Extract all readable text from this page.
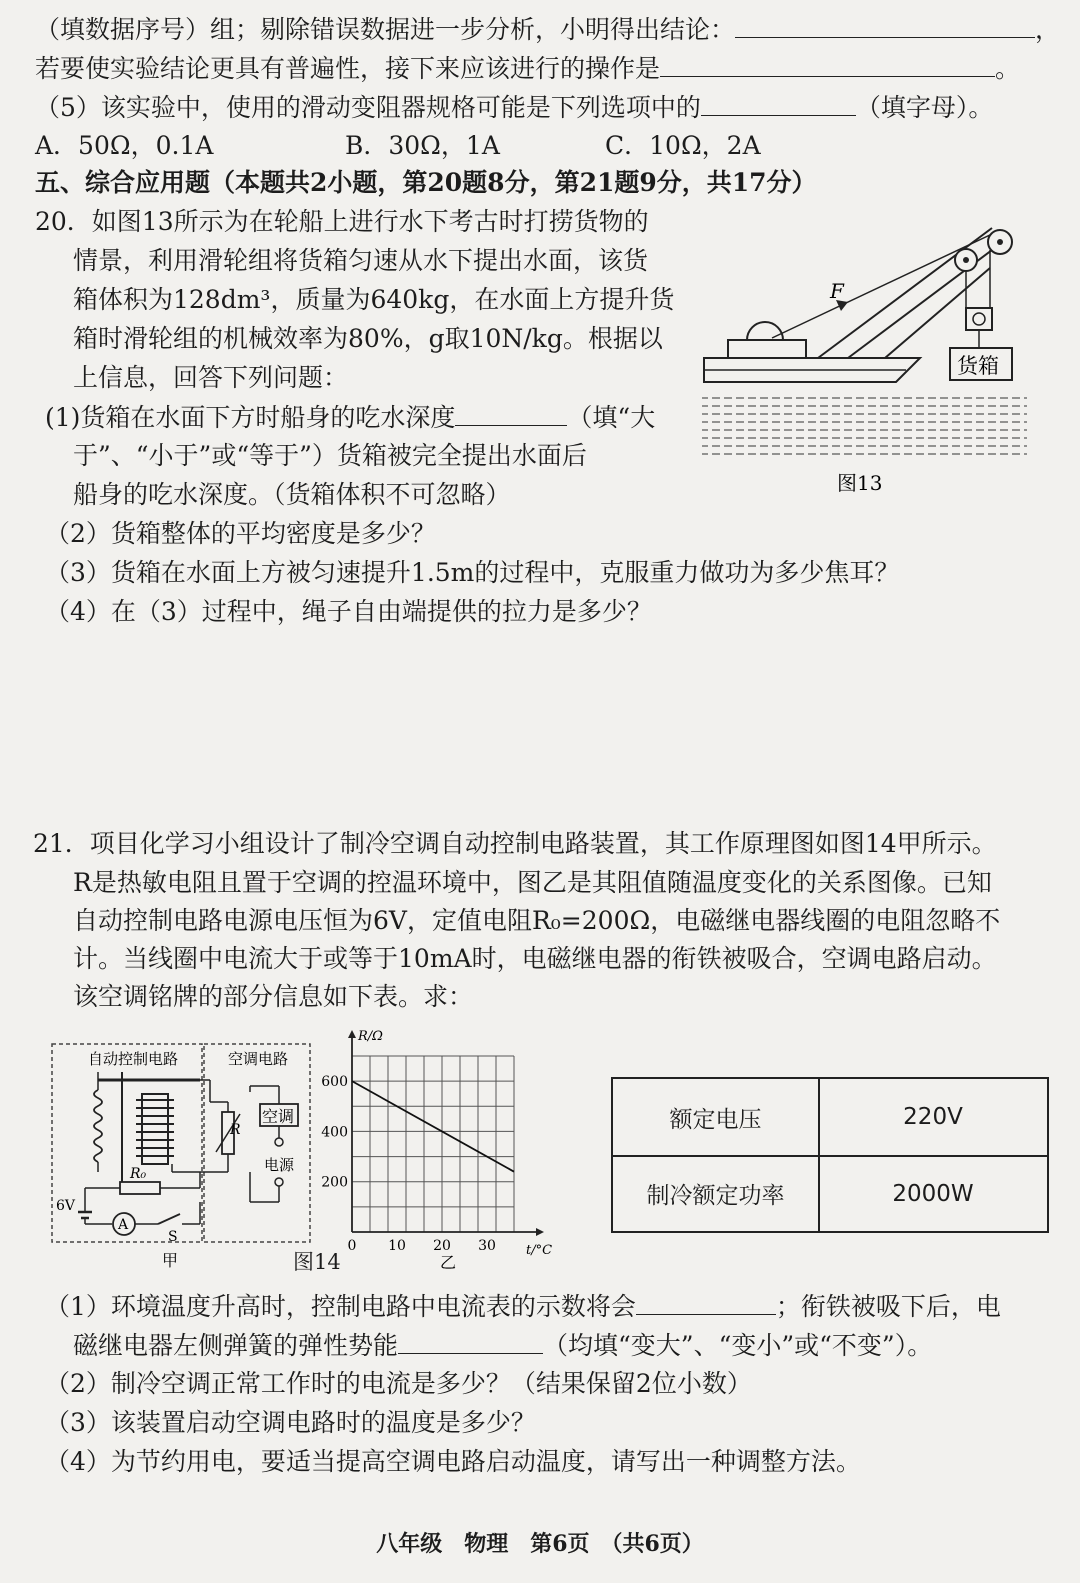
（填数据序号）组；剔除错误数据进一步分析，小明得出结论：	，
若要使实验结论更具有普遍性，接下来应该进行的操作是	。
（5）该实验中，使用的滑动变阻器规格可能是下列选项中的	（填字母）。
A．50Ω，0.1A	B．30Ω，1A	C．10Ω，2A
五、综合应用题（本题共2小题，第20题8分，第21题9分，共17分）
20．如图13所示为在轮船上进行水下考古时打捞货物的
情景，利用滑轮组将货箱匀速从水下提出水面，该货
箱体积为128dm³，质量为640kg，在水面上方提升货
箱时滑轮组的机械效率为80%，g取10N/kg。根据以
上信息，回答下列问题：
(1)货箱在水面下方时船身的吃水深度	（填“大
于”、“小于”或“等于”）货箱被完全提出水面后
船身的吃水深度。（货箱体积不可忽略）
（2）货箱整体的平均密度是多少？
（3）货箱在水面上方被匀速提升1.5m的过程中，克服重力做功为多少焦耳？
（4）在（3）过程中，绳子自由端提供的拉力是多少？
F
货箱
图13
21．项目化学习小组设计了制冷空调自动控制电路装置，其工作原理图如图14甲所示。
R是热敏电阻且置于空调的控温环境中，图乙是其阻值随温度变化的关系图像。已知
自动控制电路电源电压恒为6V，定值电阻R₀=200Ω，电磁继电器线圈的电阻忽略不
计。当线圈中电流大于或等于10mA时，电磁继电器的衔铁被吸合，空调电路启动。
该空调铭牌的部分信息如下表。求：
自动控制电路	空调电路
R
空调
电源
R₀
6V
A
S
甲
R/Ω
t/°C
0 10 20 30
200
400
600
乙
图14
额定电压	220V
制冷额定功率	2000W
（1）环境温度升高时，控制电路中电流表的示数将会	；衔铁被吸下后，电
磁继电器左侧弹簧的弹性势能	（均填“变大”、“变小”或“不变”）。
（2）制冷空调正常工作时的电流是多少？（结果保留2位小数）
（3）该装置启动空调电路时的温度是多少？
（4）为节约用电，要适当提高空调电路启动温度，请写出一种调整方法。
八年级　物理　第6页　（共6页）
